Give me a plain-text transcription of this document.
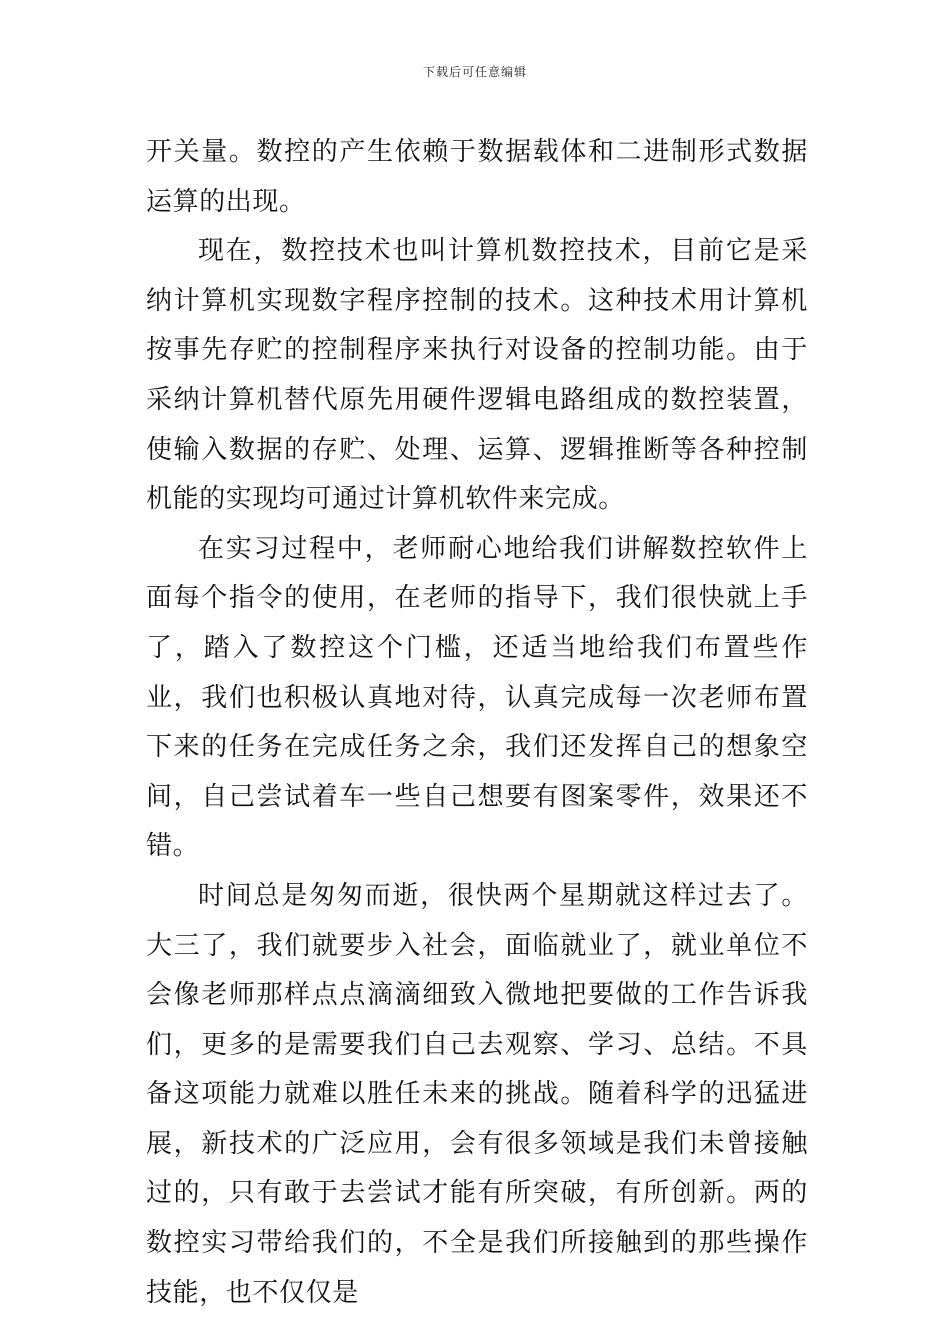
下载后可任意编辑

开关量。数控的产生依赖于数据载体和二进制形式数据运算的出现。

现在，数控技术也叫计算机数控技术，目前它是采纳计算机实现数字程序控制的技术。这种技术用计算机按事先存贮的控制程序来执行对设备的控制功能。由于采纳计算机替代原先用硬件逻辑电路组成的数控装置，使输入数据的存贮、处理、运算、逻辑推断等各种控制机能的实现均可通过计算机软件来完成。

在实习过程中，老师耐心地给我们讲解数控软件上面每个指令的使用，在老师的指导下，我们很快就上手了，踏入了数控这个门槛，还适当地给我们布置些作业，我们也积极认真地对待，认真完成每一次老师布置下来的任务在完成任务之余，我们还发挥自己的想象空间，自己尝试着车一些自己想要有图案零件，效果还不错。

时间总是匆匆而逝，很快两个星期就这样过去了。大三了，我们就要步入社会，面临就业了，就业单位不会像老师那样点点滴滴细致入微地把要做的工作告诉我们，更多的是需要我们自己去观察、学习、总结。不具备这项能力就难以胜任未来的挑战。随着科学的迅猛进展，新技术的广泛应用，会有很多领域是我们未曾接触过的，只有敢于去尝试才能有所突破，有所创新。两的数控实习带给我们的，不全是我们所接触到的那些操作技能，也不仅仅是
